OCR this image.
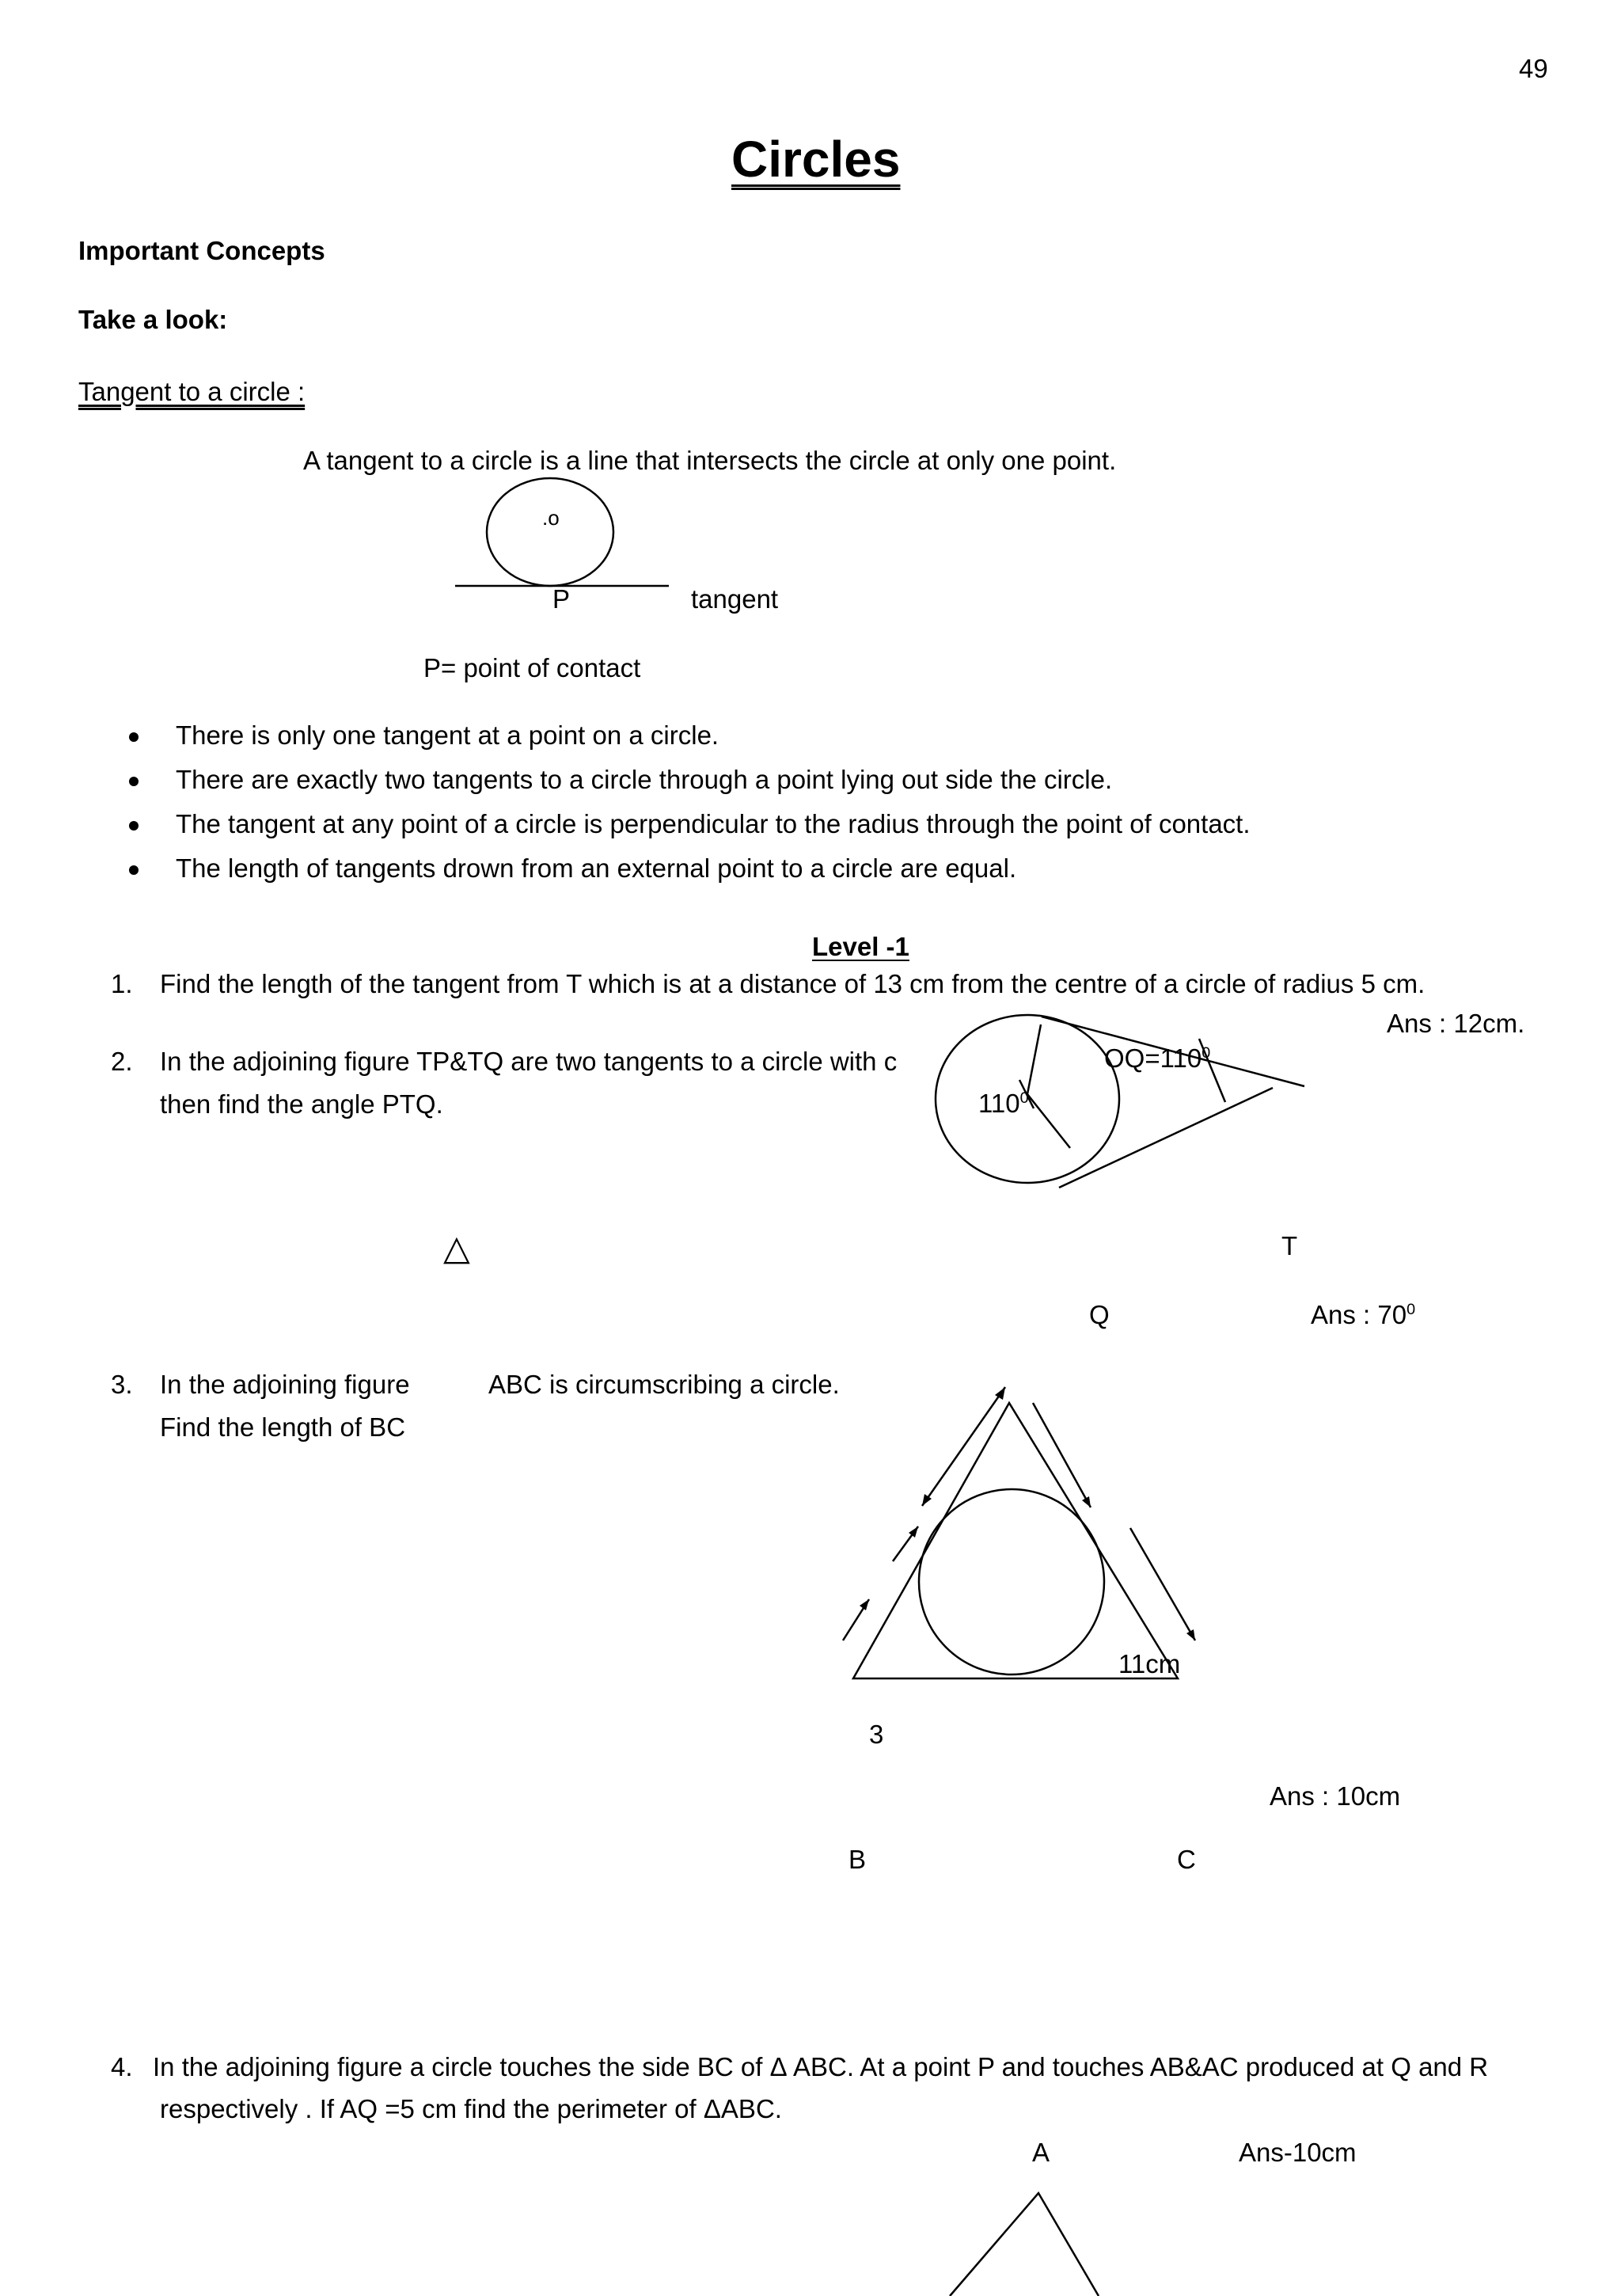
49
Circles
Important Concepts
Take a look:
Tangent to a circle :
A tangent to a circle is a line that intersects the circle at only one point.
.o
P	tangent
P= point of contact
There is only one tangent at a point on a circle.
There are exactly two tangents to a circle through a point lying out side the circle.
The tangent at any point of a circle is perpendicular to the radius through the point of contact.
The length of tangents drown from an external point to a circle are equal.
Level -1
1. Find the length of the tangent from T which is at a distance of 13 cm from the centre of a circle of radius 5 cm.
Ans : 12cm.
2. In the adjoining figure TP&TQ are two tangents to a circle with c	$OQ=110^0$
then find the angle PTQ.	$110^0$
△	T
Q	Ans : $70^0$
3. In the adjoining figure	ABC is circumscribing a circle.
Find the length of BC
11cm
3
Ans : 10cm
B	C
4. In the adjoining figure a circle touches the side BC of Δ ABC. At a point P and touches AB&AC produced at Q and R
respectively . If AQ =5 cm find the perimeter of ΔABC.
A	Ans-10cm
